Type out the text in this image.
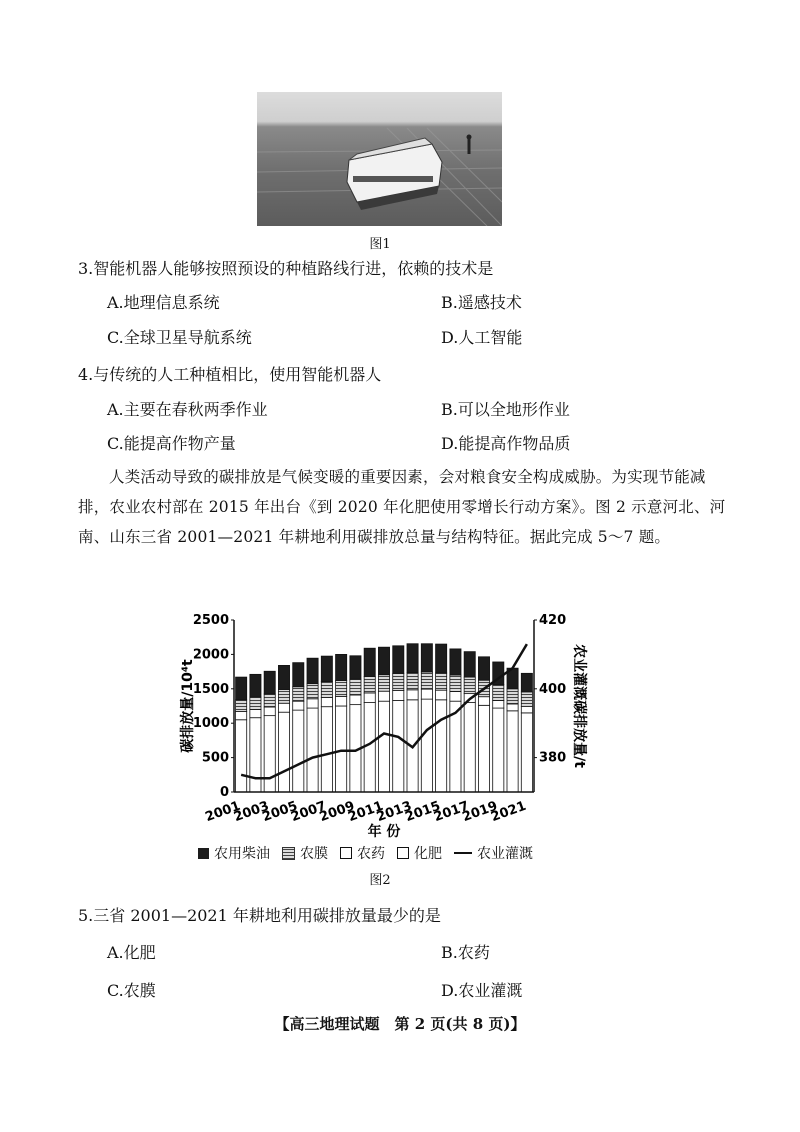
图1
3.智能机器人能够按照预设的种植路线行进，依赖的技术是
A.地理信息系统	B.遥感技术
C.全球卫星导航系统	D.人工智能
4.与传统的人工种植相比，使用智能机器人
A.主要在春秋两季作业	B.可以全地形作业
C.能提高作物产量	D.能提高作物品质
人类活动导致的碳排放是气候变暖的重要因素，会对粮食安全构成威胁。为实现节能减排，农业农村部在 2015 年出台《到 2020 年化肥使用零增长行动方案》。图 2 示意河北、河南、山东三省 2001—2021 年耕地利用碳排放总量与结构特征。据此完成 5～7 题。
0
500
1000
1500
2000
2500
380
400
420
2001
2003
2005
2007
2009
2011
2013
2015
2017
2019
2021
碳排放量/10⁴t	农业灌溉碳排放量/t
年 份
农用柴油 农膜 农药 化肥	农业灌溉
图2
5.三省 2001—2021 年耕地利用碳排放量最少的是
A.化肥	B.农药
C.农膜	D.农业灌溉
【高三地理试题　第 2 页(共 8 页)】
